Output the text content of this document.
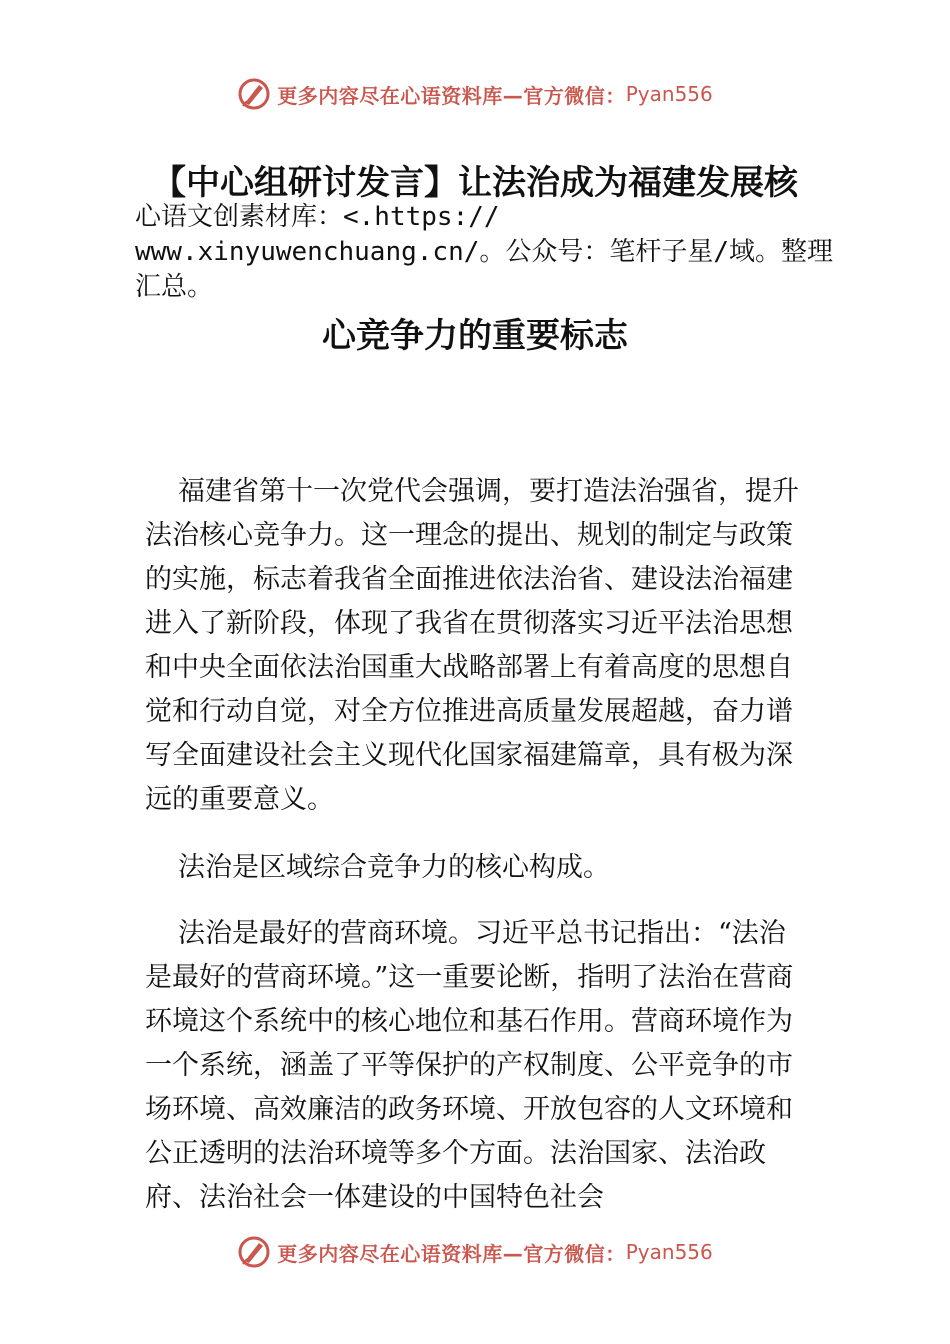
更多内容尽在心语资料库—官方微信： Pyan556
【中心组研讨发言】让法治成为福建发展核
心语文创素材库：<.https://
www.xinyuwenchuang.cn/。公众号：笔杆子星/域。整理
汇总。
心竞争力的重要标志

福建省第十一次党代会强调，要打造法治强省，提升法治核心竞争力。这一理念的提出、规划的制定与政策的实施，标志着我省全面推进依法治省、建设法治福建进入了新阶段，体现了我省在贯彻落实习近平法治思想和中央全面依法治国重大战略部署上有着高度的思想自觉和行动自觉，对全方位推进高质量发展超越，奋力谱写全面建设社会主义现代化国家福建篇章，具有极为深远的重要意义。

法治是区域综合竞争力的核心构成。

法治是最好的营商环境。习近平总书记指出：“法治是最好的营商环境。”这一重要论断，指明了法治在营商环境这个系统中的核心地位和基石作用。营商环境作为一个系统，涵盖了平等保护的产权制度、公平竞争的市场环境、高效廉洁的政务环境、开放包容的人文环境和公正透明的法治环境等多个方面。法治国家、法治政府、法治社会一体建设的中国特色社会

更多内容尽在心语资料库—官方微信： Pyan556
